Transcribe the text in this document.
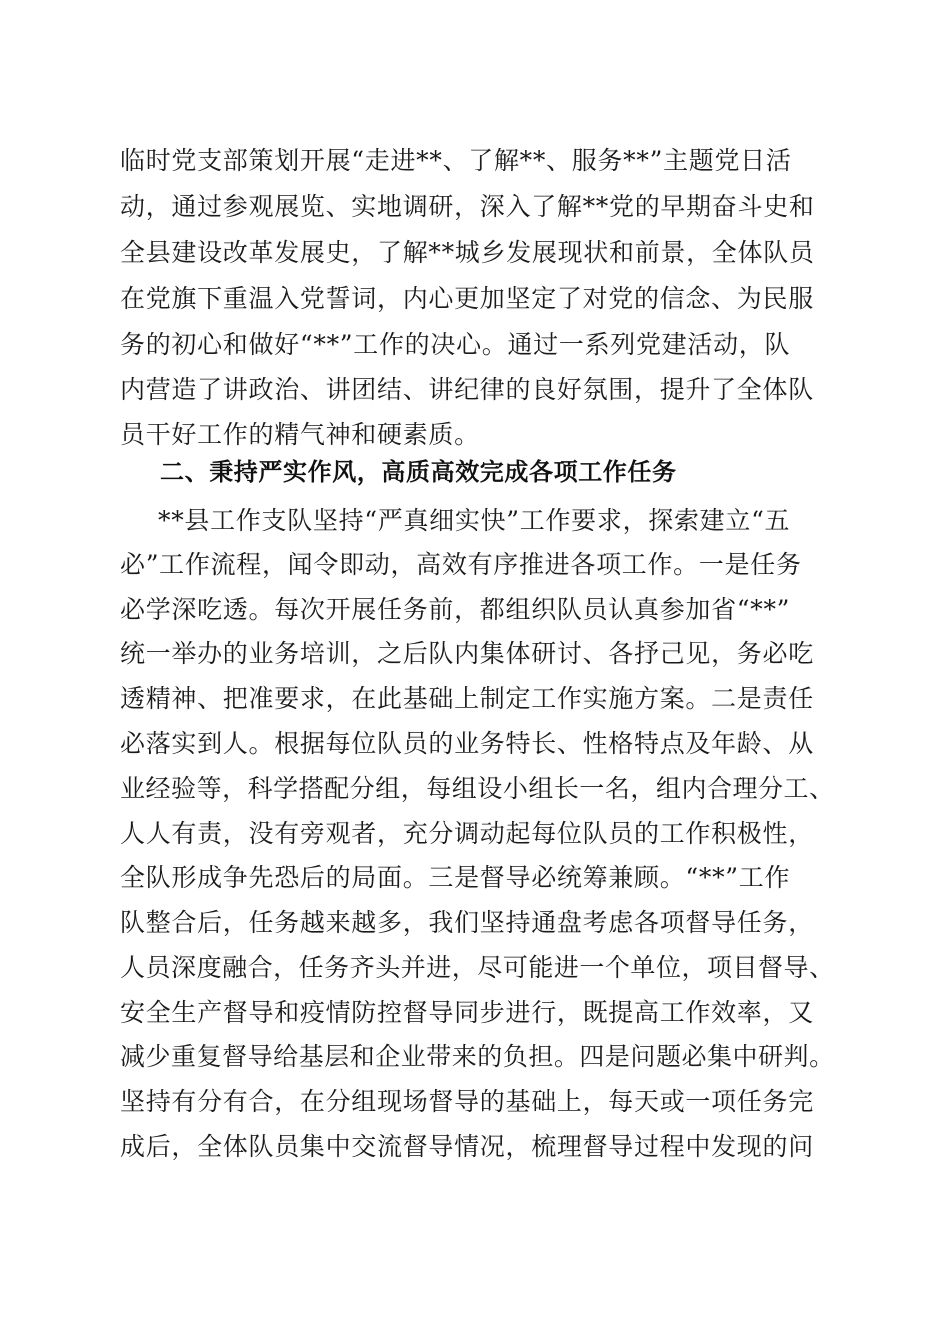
临时党支部策划开展“走进**、了解**、服务**”主题党日活

动，通过参观展览、实地调研，深入了解**党的早期奋斗史和

全县建设改革发展史，了解**城乡发展现状和前景，全体队员

在党旗下重温入党誓词，内心更加坚定了对党的信念、为民服

务的初心和做好“**”工作的决心。通过一系列党建活动，队

内营造了讲政治、讲团结、讲纪律的良好氛围，提升了全体队

员干好工作的精气神和硬素质。

二、秉持严实作风，高质高效完成各项工作任务

**县工作支队坚持“严真细实快”工作要求，探索建立“五

必”工作流程，闻令即动，高效有序推进各项工作。一是任务

必学深吃透。每次开展任务前，都组织队员认真参加省“**”

统一举办的业务培训，之后队内集体研讨、各抒己见，务必吃

透精神、把准要求，在此基础上制定工作实施方案。二是责任

必落实到人。根据每位队员的业务特长、性格特点及年龄、从

业经验等，科学搭配分组，每组设小组长一名，组内合理分工、

人人有责，没有旁观者，充分调动起每位队员的工作积极性，

全队形成争先恐后的局面。三是督导必统筹兼顾。“**”工作

队整合后，任务越来越多，我们坚持通盘考虑各项督导任务，

人员深度融合，任务齐头并进，尽可能进一个单位，项目督导、

安全生产督导和疫情防控督导同步进行，既提高工作效率，又

减少重复督导给基层和企业带来的负担。四是问题必集中研判。

坚持有分有合，在分组现场督导的基础上，每天或一项任务完

成后，全体队员集中交流督导情况，梳理督导过程中发现的问
